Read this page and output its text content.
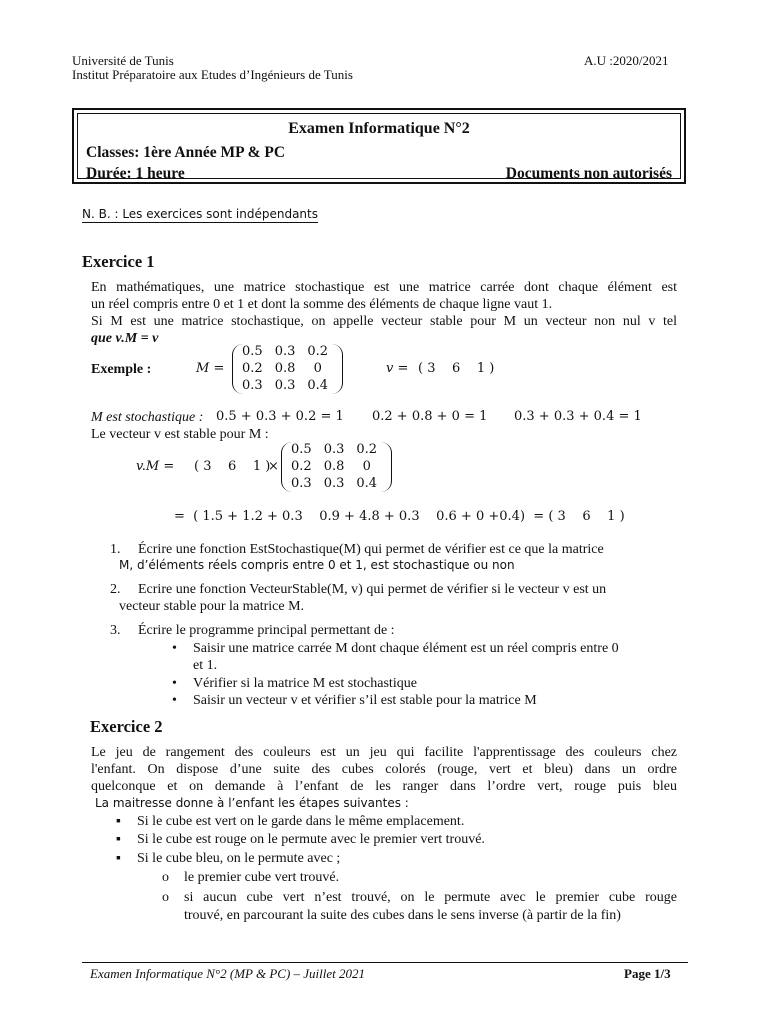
Université de Tunis
Institut Préparatoire aux Etudes d’Ingénieurs de Tunis
A.U :2020/2021
Examen Informatique N°2
Classes: 1ère Année MP & PC
Durée: 1 heure	Documents non autorisés
N. B. : Les exercices sont indépendants
Exercice 1
En mathématiques, une matrice stochastique est une matrice carrée dont chaque élément est
un réel compris entre 0 et 1 et dont la somme des éléments de chaque ligne vaut 1.
Si M est une matrice stochastique, on appelle vecteur stable pour M un vecteur non nul v tel
que v.M = v
Exemple :	M =
0.5	0.3	0.2
0.2	0.8	0
0.3	0.3	0.4
v = ( 3 6 1 )
M est stochastique : 0.5 + 0.3 + 0.2 = 1 0.2 + 0.8 + 0 = 1 0.3 + 0.3 + 0.4 = 1
Le vecteur v est stable pour M :
v.M = ( 3 6 1 )
×
0.5	0.3	0.2
0.2	0.8	0
0.3	0.3	0.4
=  ( 1.5 + 1.2 + 0.3 0.9 + 4.8 + 0.3 0.6 + 0 +0.4)  = ( 3 6 1 )
1. Écrire une fonction EstStochastique(M) qui permet de vérifier est ce que la matrice
M, d’éléments réels compris entre 0 et 1, est stochastique ou non
2. Ecrire une fonction VecteurStable(M, v) qui permet de vérifier si le vecteur v est un
vecteur stable pour la matrice M.
3. Écrire le programme principal permettant de :
• Saisir une matrice carrée M dont chaque élément est un réel compris entre 0
et 1.
• Vérifier si la matrice M est stochastique
• Saisir un vecteur v et vérifier s’il est stable pour la matrice M
Exercice 2
Le jeu de rangement des couleurs est un jeu qui facilite l'apprentissage des couleurs chez
l'enfant. On dispose d’une suite des cubes colorés (rouge, vert et bleu) dans un ordre
quelconque et on demande à l’enfant de les ranger dans l’ordre vert, rouge puis bleu
La maitresse donne à l’enfant les étapes suivantes :
▪ Si le cube est vert on le garde dans le même emplacement.
▪ Si le cube est rouge on le permute avec le premier vert trouvé.
▪ Si le cube bleu, on le permute avec ;
o le premier cube vert trouvé.
o si aucun cube vert n’est trouvé, on le permute avec le premier cube rouge
trouvé, en parcourant la suite des cubes dans le sens inverse (à partir de la fin)
Examen Informatique N°2 (MP & PC) – Juillet 2021	Page 1/3
